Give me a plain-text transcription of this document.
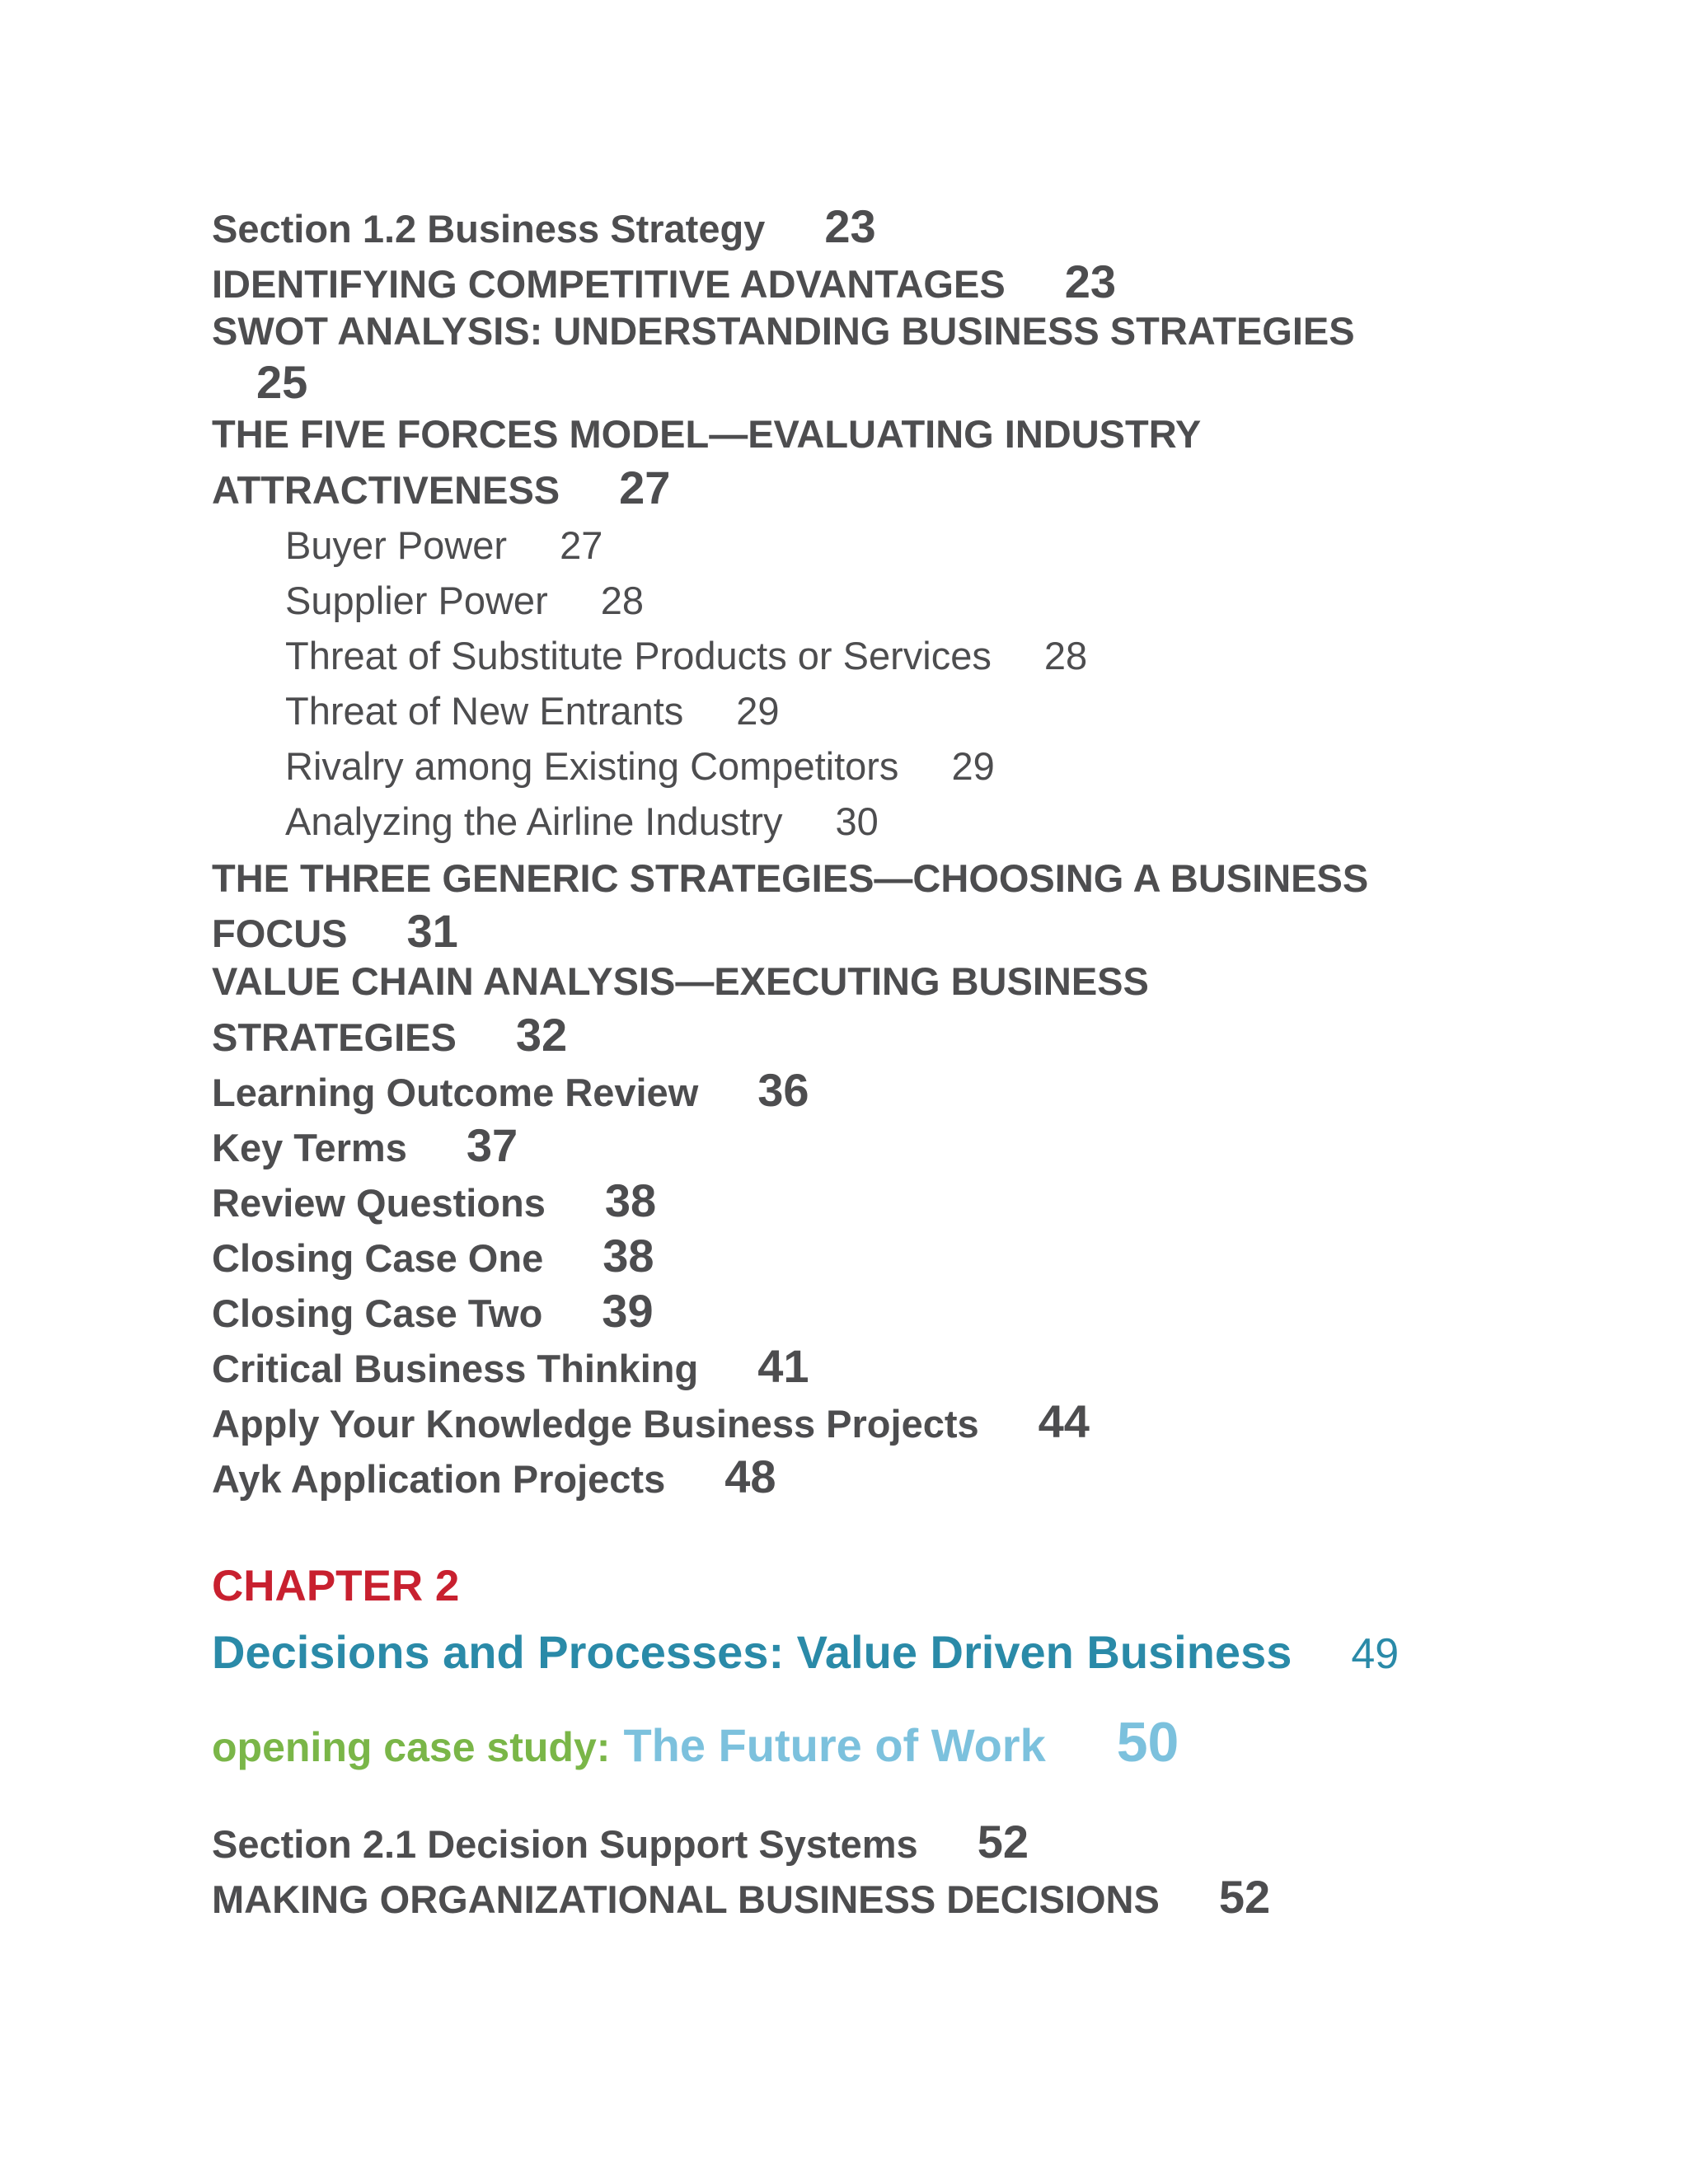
Section 1.2 Business Strategy 23
IDENTIFYING COMPETITIVE ADVANTAGES 23
SWOT ANALYSIS: UNDERSTANDING BUSINESS STRATEGIES
25
THE FIVE FORCES MODEL—EVALUATING INDUSTRY
ATTRACTIVENESS 27
Buyer Power 27
Supplier Power 28
Threat of Substitute Products or Services 28
Threat of New Entrants 29
Rivalry among Existing Competitors 29
Analyzing the Airline Industry 30
THE THREE GENERIC STRATEGIES—CHOOSING A BUSINESS
FOCUS 31
VALUE CHAIN ANALYSIS—EXECUTING BUSINESS
STRATEGIES 32
Learning Outcome Review 36
Key Terms 37
Review Questions 38
Closing Case One 38
Closing Case Two 39
Critical Business Thinking 41
Apply Your Knowledge Business Projects 44
Ayk Application Projects 48
CHAPTER 2
Decisions and Processes: Value Driven Business 49
opening case study: The Future of Work 50
Section 2.1 Decision Support Systems 52
MAKING ORGANIZATIONAL BUSINESS DECISIONS 52
